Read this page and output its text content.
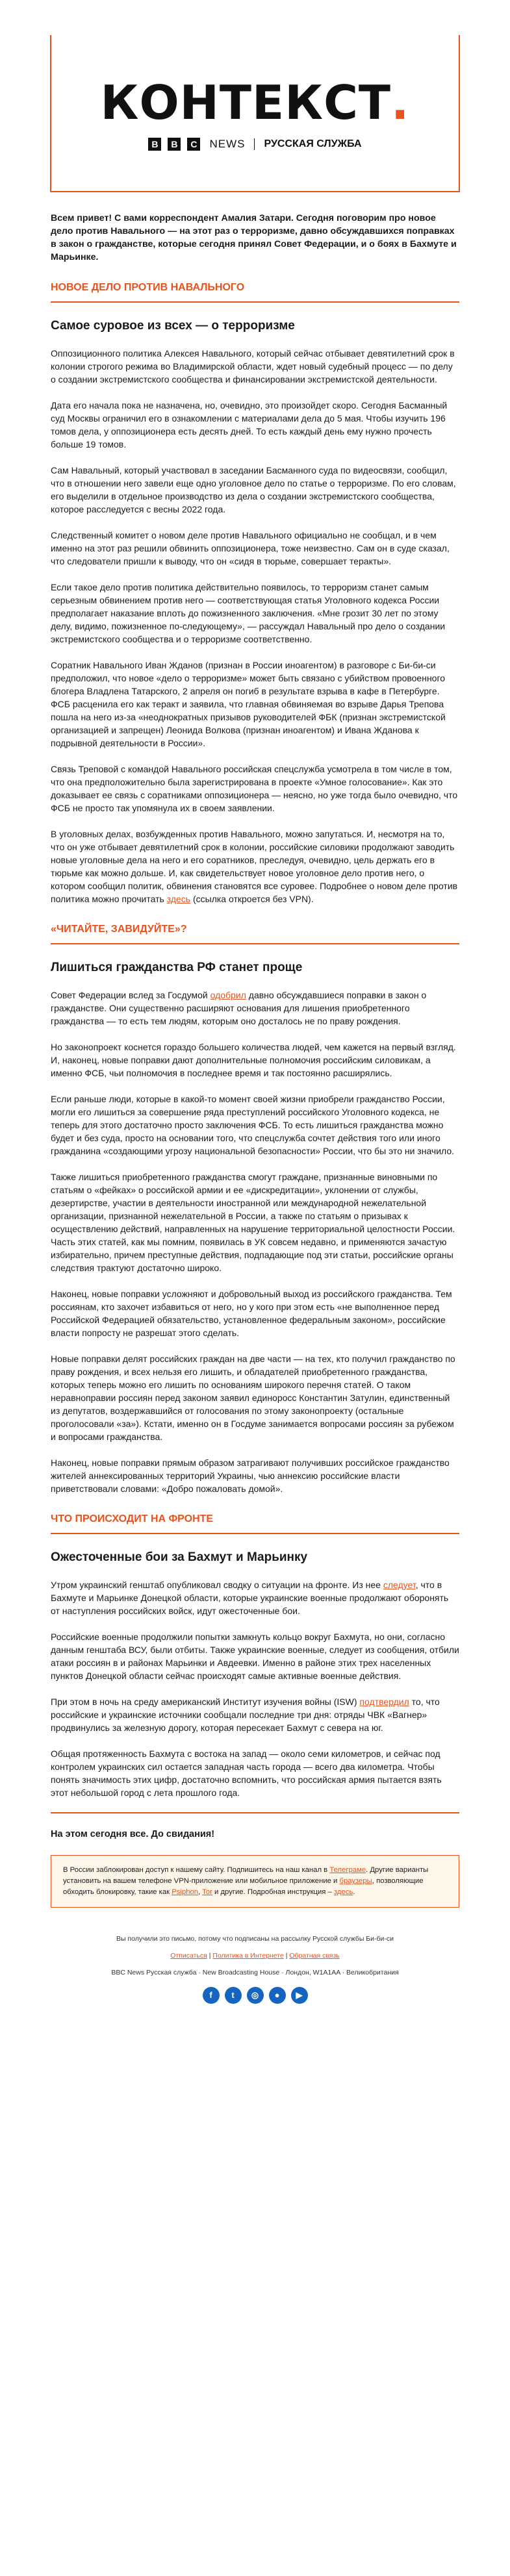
КОНТЕКСТ .
B	B	C NEWS РУССКАЯ СЛУЖБА

Всем привет! С вами корреспондент Амалия Затари. Сегодня поговорим про новое дело против Навального — на этот раз о терроризме, давно обсуждавшихся поправках в закон о гражданстве, которые сегодня принял Совет Федерации, и о боях в Бахмуте и Марьинке.

НОВОЕ ДЕЛО ПРОТИВ НАВАЛЬНОГО
Самое суровое из всех — о терроризме

Оппозиционного политика Алексея Навального, который сейчас отбывает девятилетний срок в колонии строгого режима во Владимирской области, ждет новый судебный процесс — по делу о создании экстремистского сообщества и финансировании экстремистской деятельности.

Дата его начала пока не назначена, но, очевидно, это произойдет скоро. Сегодня Басманный суд Москвы ограничил его в ознакомлении с материалами дела до 5 мая. Чтобы изучить 196 томов дела, у оппозиционера есть десять дней. То есть каждый день ему нужно прочесть больше 19 томов.

Сам Навальный, который участвовал в заседании Басманного суда по видеосвязи, сообщил, что в отношении него завели еще одно уголовное дело по статье о терроризме. По его словам, его выделили в отдельное производство из дела о создании экстремистского сообщества, которое расследуется с весны 2022 года.

Следственный комитет о новом деле против Навального официально не сообщал, и в чем именно на этот раз решили обвинить оппозиционера, тоже неизвестно. Сам он в суде сказал, что следователи пришли к выводу, что он «сидя в тюрьме, совершает теракты».

Если такое дело против политика действительно появилось, то терроризм станет самым серьезным обвинением против него — соответствующая статья Уголовного кодекса России предполагает наказание вплоть до пожизненного заключения. «Мне грозит 30 лет по этому делу, видимо, пожизненное по-следующему», — рассуждал Навальный про дело о создании экстремистского сообщества и о терроризме соответственно.

Соратник Навального Иван Жданов (признан в России иноагентом) в разговоре с Би-би-си предположил, что новое «дело о терроризме» может быть связано с убийством провоенного блогера Владлена Татарского, 2 апреля он погиб в результате взрыва в кафе в Петербурге. ФСБ расценила его как теракт и заявила, что главная обвиняемая во взрыве Дарья Трепова пошла на него из-за «неоднократных призывов руководителей ФБК (признан экстремистской организацией и запрещен) Леонида Волкова (признан иноагентом) и Ивана Жданова к подрывной деятельности в России».

Связь Треповой с командой Навального российская спецслужба усмотрела в том числе в том, что она предположительно была зарегистрирована в проекте «Умное голосование». Как это доказывает ее связь с соратниками оппозиционера — неясно, но уже тогда было очевидно, что ФСБ не просто так упомянула их в своем заявлении.

В уголовных делах, возбужденных против Навального, можно запутаться. И, несмотря на то, что он уже отбывает девятилетний срок в колонии, российские силовики продолжают заводить новые уголовные дела на него и его соратников, преследуя, очевидно, цель держать его в тюрьме как можно дольше. И, как свидетельствует новое уголовное дело против него, о котором сообщил политик, обвинения становятся все суровее. Подробнее о новом деле против политика можно прочитать здесь (ссылка откроется без VPN).

«ЧИТАЙТЕ, ЗАВИДУЙТЕ»?
Лишиться гражданства РФ станет проще

Совет Федерации вслед за Госдумой одобрил давно обсуждавшиеся поправки в закон о гражданстве. Они существенно расширяют основания для лишения приобретенного гражданства — то есть тем людям, которым оно досталось не по праву рождения.

Но законопроект коснется гораздо большего количества людей, чем кажется на первый взгляд. И, наконец, новые поправки дают дополнительные полномочия российским силовикам, а именно ФСБ, чьи полномочия в последнее время и так постоянно расширялись.

Если раньше люди, которые в какой-то момент своей жизни приобрели гражданство России, могли его лишиться за совершение ряда преступлений российского Уголовного кодекса, не теперь для этого достаточно просто заключения ФСБ. То есть лишиться гражданства можно будет и без суда, просто на основании того, что спецслужба сочтет действия того или иного гражданина «создающими угрозу национальной безопасности» России, что бы это ни значило.

Также лишиться приобретенного гражданства смогут граждане, признанные виновными по статьям о «фейках» о российской армии и ее «дискредитации», уклонении от службы, дезертирстве, участии в деятельности иностранной или международной нежелательной организации, признанной нежелательной в России, а также по статьям о призывах к осуществлению действий, направленных на нарушение территориальной целостности России. Часть этих статей, как мы помним, появилась в УК совсем недавно, и применяются зачастую избирательно, причем преступные действия, подпадающие под эти статьи, российские органы следствия трактуют достаточно широко.

Наконец, новые поправки усложняют и добровольный выход из российского гражданства. Тем россиянам, кто захочет избавиться от него, но у кого при этом есть «не выполненное перед Российской Федерацией обязательство, установленное федеральным законом», российские власти попросту не разрешат этого сделать.

Новые поправки делят российских граждан на две части — на тех, кто получил гражданство по праву рождения, и всех нельзя его лишить, и обладателей приобретенного гражданства, которых теперь можно его лишить по основаниям широкого перечня статей. О таком неравноправии россиян перед законом заявил единоросс Константин Затулин, единственный из депутатов, воздержавшийся от голосования по этому законопроекту (остальные проголосовали «за»). Кстати, именно он в Госдуме занимается вопросами россиян за рубежом и вопросами гражданства.

Наконец, новые поправки прямым образом затрагивают получивших российское гражданство жителей аннексированных территорий Украины, чью аннексию российские власти приветствовали словами: «Добро пожаловать домой».

ЧТО ПРОИСХОДИТ НА ФРОНТЕ
Ожесточенные бои за Бахмут и Марьинку

Утром украинский генштаб опубликовал сводку о ситуации на фронте. Из нее следует, что в Бахмуте и Марьинке Донецкой области, которые украинские военные продолжают оборонять от наступления российских войск, идут ожесточенные бои.

Российские военные продолжили попытки замкнуть кольцо вокруг Бахмута, но они, согласно данным генштаба ВСУ, были отбиты. Также украинские военные, следует из сообщения, отбили атаки россиян в и районах Марьинки и Авдеевки. Именно в районе этих трех населенных пунктов Донецкой области сейчас происходят самые активные военные действия.

При этом в ночь на среду американский Институт изучения войны (ISW) подтвердил то, что российские и украинские источники сообщали последние три дня: отряды ЧВК «Вагнер» продвинулись за железную дорогу, которая пересекает Бахмут с севера на юг.

Общая протяженность Бахмута с востока на запад — около семи километров, и сейчас под контролем украинских сил остается западная часть города — всего два километра. Чтобы понять значимость этих цифр, достаточно вспомнить, что российская армия пытается взять этот небольшой город с лета прошлого года.

На этом сегодня все. До свидания!
В России заблокирован доступ к нашему сайту. Подпишитесь на наш канал в Телеграме. Другие варианты установить на вашем телефоне VPN-приложение или мобильное приложение и браузеры, позволяющие обходить блокировку, такие как Psiphon, Tor и другие. Подробная инструкция – здесь.
Вы получили это письмо, потому что подписаны на рассылку Русской службы Би-би-си
Отписаться | Политика в Интернете | Обратная связь
BBC News Русская служба · New Broadcasting House · Лондон, W1A1AA · Великобритания
f	t	◎	●	▶
